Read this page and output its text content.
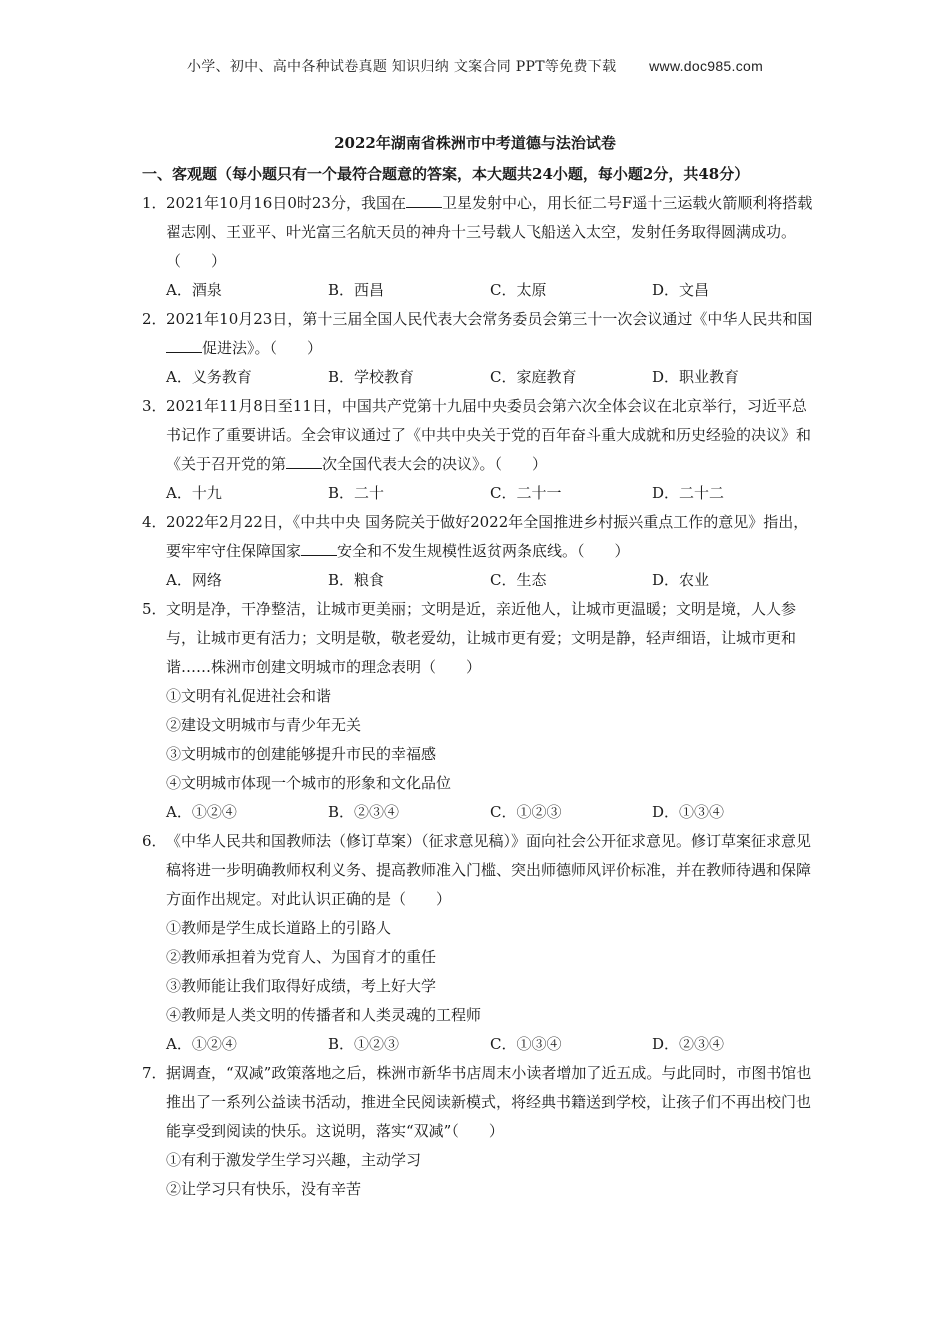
小学、初中、高中各种试卷真题 知识归纳 文案合同 PPT等免费下载 www.doc985.com
2022年湖南省株洲市中考道德与法治试卷

一、客观题（每小题只有一个最符合题意的答案，本大题共24小题，每小题2分，共48分）

1．2021年10月16日0时23分，我国在 卫星发射中心，用长征二号F遥十三运载火箭顺利将搭载翟志刚、王亚平、叶光富三名航天员的神舟十三号载人飞船送入太空，发射任务取得圆满成功。（　　）

A．酒泉	B．西昌	C．太原	D．文昌

2．2021年10月23日，第十三届全国人民代表大会常务委员会第三十一次会议通过《中华人民共和国促进法》。（　　）

A．义务教育	B．学校教育	C．家庭教育	D．职业教育

3．2021年11月8日至11日，中国共产党第十九届中央委员会第六次全体会议在北京举行，习近平总书记作了重要讲话。全会审议通过了《中共中央关于党的百年奋斗重大成就和历史经验的决议》和《关于召开党的第 次全国代表大会的决议》。（　　）

A．十九	B．二十	C．二十一	D．二十二

4．2022年2月22日，《中共中央 国务院关于做好2022年全国推进乡村振兴重点工作的意见》指出，要牢牢守住保障国家 安全和不发生规模性返贫两条底线。（　　）

A．网络	B．粮食	C．生态	D．农业

5．文明是净，干净整洁，让城市更美丽；文明是近，亲近他人，让城市更温暖；文明是境，人人参与，让城市更有活力；文明是敬，敬老爱幼，让城市更有爱；文明是静，轻声细语，让城市更和谐……株洲市创建文明城市的理念表明（　　）

①文明有礼促进社会和谐

②建设文明城市与青少年无关

③文明城市的创建能够提升市民的幸福感

④文明城市体现一个城市的形象和文化品位

A．①②④	B．②③④	C．①②③	D．①③④

6．《中华人民共和国教师法（修订草案）（征求意见稿）》面向社会公开征求意见。修订草案征求意见稿将进一步明确教师权利义务、提高教师准入门槛、突出师德师风评价标准，并在教师待遇和保障方面作出规定。对此认识正确的是（　　）

①教师是学生成长道路上的引路人

②教师承担着为党育人、为国育才的重任

③教师能让我们取得好成绩，考上好大学

④教师是人类文明的传播者和人类灵魂的工程师

A．①②④	B．①②③	C．①③④	D．②③④

7．据调查，“双减”政策落地之后，株洲市新华书店周末小读者增加了近五成。与此同时，市图书馆也推出了一系列公益读书活动，推进全民阅读新模式，将经典书籍送到学校，让孩子们不再出校门也能享受到阅读的快乐。这说明，落实“双减”（　　）

①有利于激发学生学习兴趣，主动学习

②让学习只有快乐，没有辛苦
